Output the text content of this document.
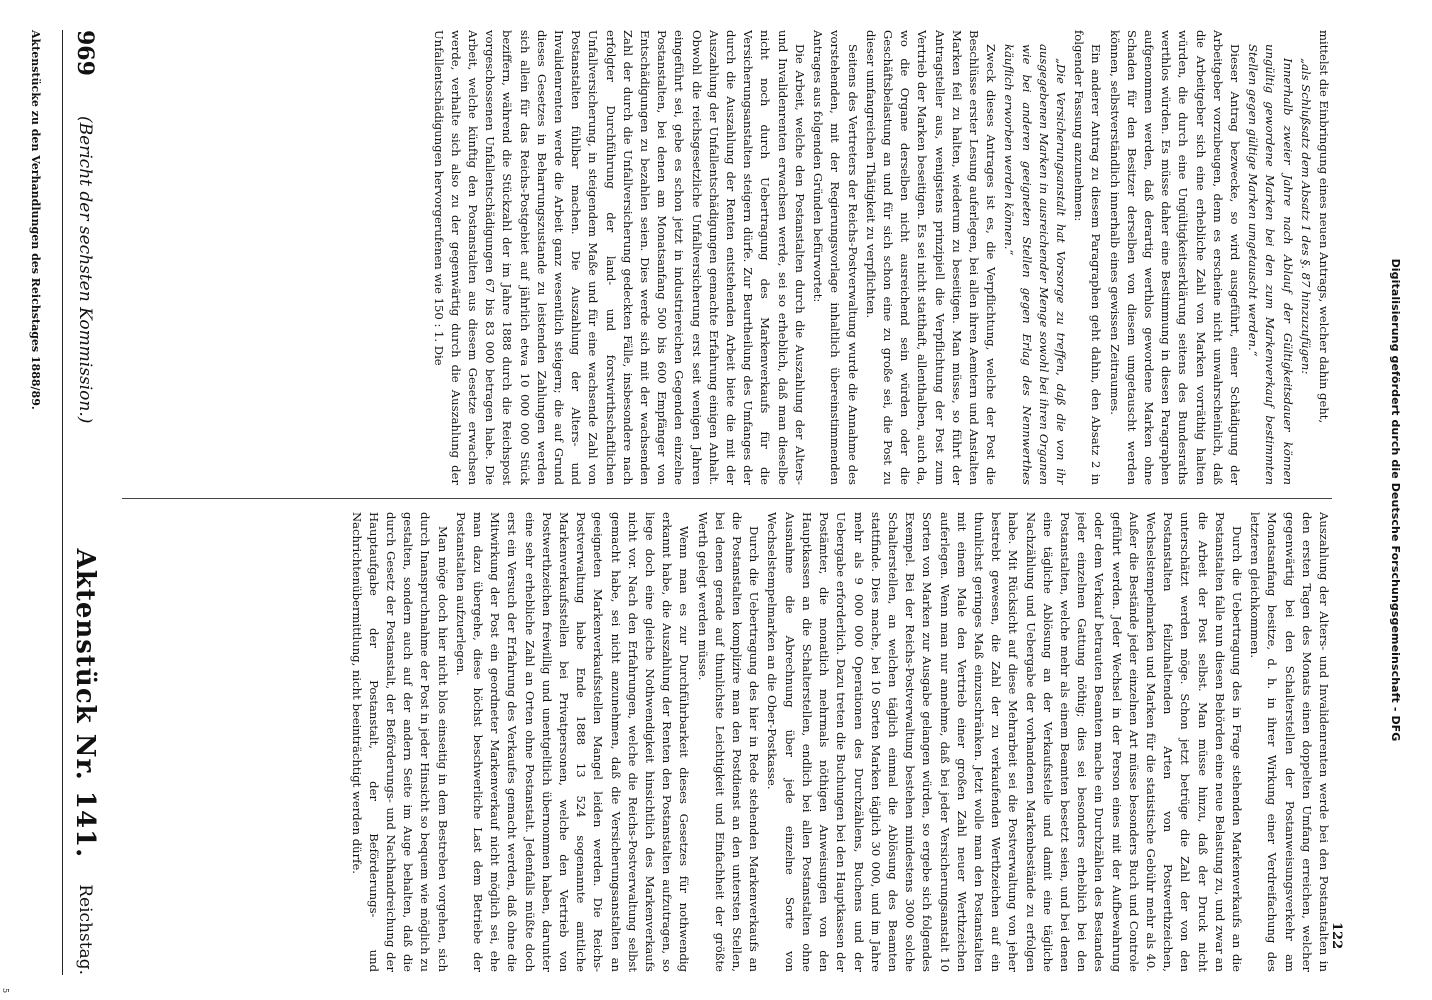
Digitalisierung gefördert durch die Deutsche Forschungsgemeinschaft - DFG
122
969
(Bericht der sechsten Kommission.)
Aktenstück Nr. 141.
Reichstag.	Auszahlung der Alters- und Invalidenrenten werde bei den Postanstalten in den ersten Tagen des Monats einen doppelten Umfang erreichen, welcher gegenwärtig bei den Schalterstellen der Postanweisungsverkehr am Monatsanfang besitze, d. h. in ihrer Wirkung einer Verdreifachung des letzteren gleichkommen.

Durch die Uebertragung des in Frage stehenden Markenverkaufs an die Postanstalten falle nun diesen Behörden eine neue Belastung zu, und zwar an die Arbeit der Post selbst. Man müsse hinzu, daß der Druck nicht unterschätzt werden möge. Schon jetzt betrüge die Zahl der von den Postanstalten feilzuhaltenden Arten von Postwerthzeichen, Wechselstempelmarken und Marken für die statistische Gebühr mehr als 40. Außer die Bestände jeder einzelnen Art müsse besonders Buch und Controle geführt werden. Jeder Wechsel in der Person eines mit der Aufbewahrung oder dem Verkauf betrauten Beamten mache ein Durchzählen des Bestandes jeder einzelnen Gattung nöthig; dies sei besonders erheblich bei den Postanstalten, welche mehr als einem Beamten besetzt seien, und bei denen eine tägliche Ablösung an der Verkaufsstelle und damit eine tägliche Nachzählung und Uebergabe der vorhandenen Markenbestände zu erfolgen habe. Mit Rücksicht auf diese Mehrarbeit sei die Postverwaltung von jeher bestrebt gewesen, die Zahl der zu verkaufenden Werthzeichen auf ein thunlichst geringes Maß einzuschränken. Jetzt wolle man den Postanstalten mit einem Male den Vertrieb einer großen Zahl neuer Werthzeichen auferlegen. Wenn man nur annehme, daß bei jeder Versicherungsanstalt 10 Sorten von Marken zur Ausgabe gelangen würden, so ergebe sich folgendes Exempel. Bei der Reichs-Postverwaltung bestehen mindestens 3000 solche Schalterstellen, an welchen täglich einmal die Ablösung des Beamten stattfinde. Dies mache, bei 10 Sorten Marken täglich 30 000, und im Jahre mehr als 9 000 000 Operationen des Durchzählens, Buchens und der Uebergabe erforderlich. Dazu treten die Buchungen bei den Hauptkassen der Postämter, die monatlich mehrmals nöthigen Anweisungen von den Hauptkassen an die Schalterstellen, endlich bei allen Postanstalten ohne Ausnahme die Abrechnung über jede einzelne Sorte von Wechselstempelmarken an die Ober-Postkasse.

Durch die Uebertragung des hier in Rede stehenden Markenverkaufs an die Postanstalten komplizire man den Postdienst an den untersten Stellen, bei denen gerade auf thunlichste Leichtigkeit und Einfachheit der größte Werth gelegt werden müsse.

Wenn man es zur Durchführbarkeit dieses Gesetzes für nothwendig erkannt habe, die Auszahlung der Renten den Postanstalten aufzutragen, so liege doch eine gleiche Nothwendigkeit hinsichtlich des Markenverkaufs nicht vor. Nach den Erfahrungen, welche die Reichs-Postverwaltung selbst gemacht habe, sei nicht anzunehmen, daß die Versicherungsanstalten an geeigneten Markenverkaufsstellen Mangel leiden werden. Die Reichs-Postverwaltung habe Ende 1888 13 524 sogenannte amtliche Markenverkaufsstellen bei Privatpersonen, welche den Vertrieb von Postwerthzeichen freiwillig und unentgeltlich übernommen haben, darunter eine sehr erhebliche Zahl an Orten ohne Postanstalt. Jedenfalls müßte doch erst ein Versuch der Erfahrung des Verkaufes gemacht werden, daß ohne die Mitwirkung der Post ein geordneter Markenverkauf nicht möglich sei, ehe man dazu übergehe, diese höchst beschwerliche Last dem Betriebe der Postanstalten aufzuerlegen.

Man möge doch hier nicht blos einseitig in dem Bestreben vorgehen, sich durch Inanspruchnahme der Post in jeder Hinsicht so bequem wie möglich zu gestalten, sondern auch auf der andern Seite im Auge behalten, daß die durch Gesetz der Postanstalt, der Beförderungs- und Nachhandreichung der Hauptaufgabe der Postanstalt, der Beförderungs- und Nachrichtenübermittlung, nicht beeinträchtigt werden dürfe.

mittelst die Einbringung eines neuen Antrags, welcher dahin geht,

„als Schlußsatz dem Absatz 1 des §. 87 hinzuzufügen:

Innerhalb zweier Jahre nach Ablauf der Gültigkeitsdauer können ungültig gewordene Marken bei den zum Markenverkauf bestimmten Stellen gegen gültige Marken umgetauscht werden.“

Dieser Antrag bezwecke, so wird ausgeführt, einer Schädigung der Arbeitgeber vorzubeugen, denn es erscheine nicht unwahrscheinlich, daß die Arbeitgeber sich eine erhebliche Zahl von Marken vorräthig halten würden, die durch eine Ungültigkeitserklärung seitens des Bundesraths werthlos würden. Es müsse daher eine Bestimmung in diesen Paragraphen aufgenommen werden, daß derartig werthlos gewordene Marken ohne Schaden für den Besitzer derselben von diesem umgetauscht werden können, selbstverständlich innerhalb eines gewissen Zeitraumes.

Ein anderer Antrag zu diesem Paragraphen geht dahin, den Absatz 2 in folgender Fassung anzunehmen:

„Die Versicherungsanstalt hat Vorsorge zu treffen, daß die von ihr ausgegebenen Marken in ausreichender Menge sowohl bei ihren Organen wie bei anderen geeigneten Stellen gegen Erlag des Nennwerthes käuflich erworben werden können.“

Zweck dieses Antrages ist es, die Verpflichtung, welche der Post die Beschlüsse erster Lesung auferlegen, bei allen ihren Aemtern und Anstalten Marken feil zu halten, wiederum zu beseitigen. Man müsse, so führt der Antragsteller aus, wenigstens prinzipiell die Verpflichtung der Post zum Vertrieb der Marken beseitigen. Es sei nicht statthaft, allenthalben, auch da, wo die Organe derselben nicht ausreichend sein würden oder die Geschäftsbelastung an und für sich schon eine zu große sei, die Post zu dieser umfangreichen Thätigkeit zu verpflichten.

Seitens des Vertreters der Reichs-Postverwaltung wurde die Annahme des vorstehenden, mit der Regierungsvorlage inhaltlich übereinstimmenden Antrages aus folgenden Gründen befürwortet:

Die Arbeit, welche den Postanstalten durch die Auszahlung der Alters- und Invalidenrenten erwachsen werde, sei so erheblich, daß man dieselbe nicht noch durch Uebertragung des Markenverkaufs für die Versicherungsanstalten steigern dürfe. Zur Beurtheilung des Umfanges der durch die Auszahlung der Renten entstehenden Arbeit biete die mit der Auszahlung der Unfallentschädigungen gemachte Erfahrung einigen Anhalt. Obwohl die reichsgesetzliche Unfallversicherung erst seit wenigen Jahren eingeführt sei, gebe es schon jetzt in industriereichen Gegenden einzelne Postanstalten, bei denen am Monatsanfang 500 bis 600 Empfänger von Entschädigungen zu bezahlen seien. Dies werde sich mit der wachsenden Zahl der durch die Unfallversicherung gedeckten Fälle, insbesondere nach erfolgter Durchführung der land- und forstwirthschaftlichen Unfallversicherung, in steigendem Maße und für eine wachsende Zahl von Postanstalten fühlbar machen. Die Auszahlung der Alters- und Invalidenrenten werde die Arbeit ganz wesentlich steigern; die auf Grund dieses Gesetzes in Beharrungszustande zu leistenden Zahlungen werden sich allein für das Reichs-Postgebiet auf jährlich etwa 10 000 000 Stück beziffern, während die Stückzahl der im Jahre 1888 durch die Reichspost vorgeschossenen Unfallentschädigungen 67 bis 83 000 betragen habe. Die Arbeit, welche künftig den Postanstalten aus diesem Gesetze erwachsen werde, verhalte sich also zu der gegenwärtig durch die Auszahlung der Unfallentschädigungen hervorgerufenen wie 150 : 1. Die

Aktenstücke zu den Verhandlungen des Reichstages 1888/89.
5
